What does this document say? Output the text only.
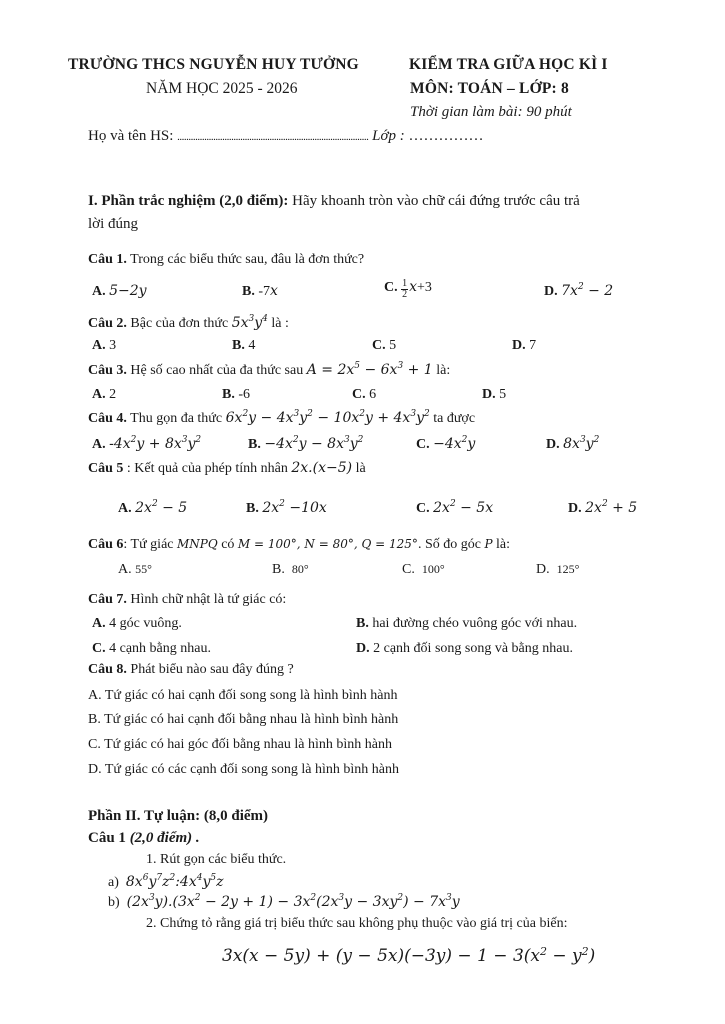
TRƯỜNG THCS NGUYỄN HUY TƯỞNG
NĂM HỌC 2025 - 2026
KIỂM TRA GIỮA HỌC KÌ I
MÔN: TOÁN – LỚP: 8
Thời gian làm bài: 90 phút
Họ và tên HS: ..................................................................................... Lớp : ……………
I. Phần trắc nghiệm (2,0 điểm): Hãy khoanh tròn vào chữ cái đứng trước câu trả
lời đúng
Câu 1. Trong các biểu thức sau, đâu là đơn thức?
A. 5−2y	B. -7x	C. $\frac{1}{2} x+3$	D. $7x^2 - 2$
Câu 2. Bậc của đơn thức $5x^3y^4$ là :
A. 3	B. 4	C. 5	D. 7
Câu 3. Hệ số cao nhất của đa thức sau $A = 2x^5 - 6x^3 + 1$ là:
A. 2	B. -6	C. 6	D. 5
Câu 4. Thu gọn đa thức $6x^2y - 4x^3y^2 - 10x^2y + 4x^3y^2$ ta được
A. $-4x^2y + 8x^3y^2$	B. $-4x^2y - 8x^3y^2$	C. $-4x^2y$	D. $8x^3y^2$
Câu 5 : Kết quả của phép tính nhân 2x.(x−5) là
A. $2x^2 - 5$	B. $2x^2 -10x$	C. $2x^2 - 5x$	D. $2x^2 + 5$
Câu 6: Tứ giác MNPQ có M = 100°, N = 80°, Q = 125°. Số đo góc P là:
A. 55°	B.  80°	C.  100°	D.  125°
Câu 7. Hình chữ nhật là tứ giác có:
A. 4 góc vuông.	B. hai đường chéo vuông góc với nhau.
C. 4 cạnh bằng nhau.	D. 2 cạnh đối song song và bằng nhau.
Câu 8. Phát biểu nào sau đây đúng ?
A. Tứ giác có hai cạnh đối song song là hình bình hành
B. Tứ giác có hai cạnh đối bằng nhau là hình bình hành
C. Tứ giác có hai góc đối bằng nhau là hình bình hành
D. Tứ giác có các cạnh đối song song là hình bình hành
Phần II. Tự luận: (8,0 điểm)
Câu 1 (2,0 điểm) .
1. Rút gọn các biểu thức.
a)  $8x^6y^7z^2:4x^4y^5z$
b)  $(2x^3y).(3x^2 - 2y + 1) - 3x^2(2x^3y - 3xy^2) - 7x^3y$
2. Chứng tỏ rằng giá trị biểu thức sau không phụ thuộc vào giá trị của biến:
$3x(x - 5y) + (y - 5x)(-3y) - 1 - 3(x^2 - y^2)$
